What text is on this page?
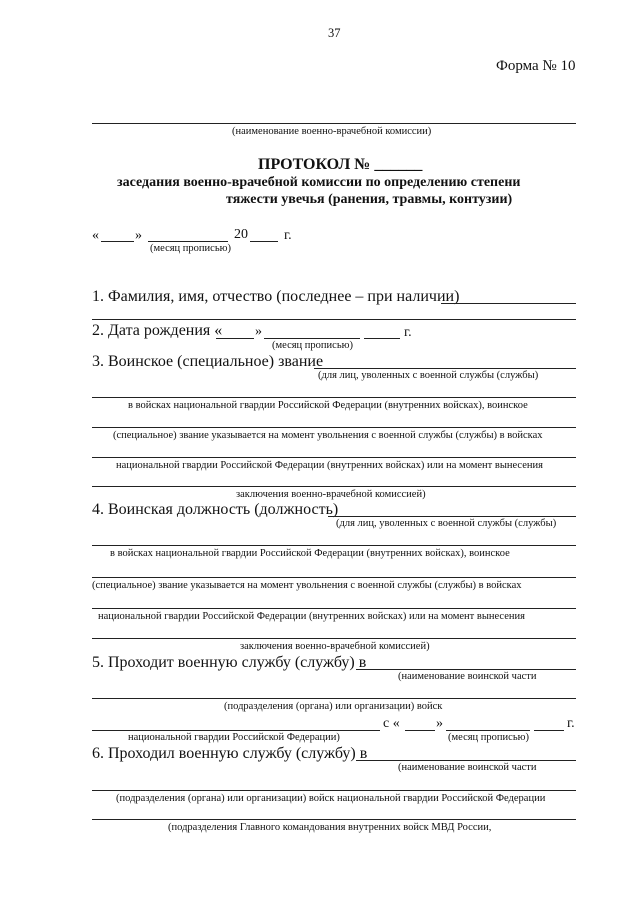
37
Форма № 10
(наименование военно-врачебной комиссии)
ПРОТОКОЛ № ______
заседания военно-врачебной комиссии по определению степени
тяжести увечья (ранения, травмы, контузии)
«	»	20	г.
(месяц прописью)
1. Фамилия, имя, отчество (последнее – при наличии)
2. Дата рождения « »	г.
(месяц прописью)
3. Воинское (специальное) звание
(для лиц, уволенных с военной службы (службы)
в войсках национальной гвардии Российской Федерации (внутренних войсках), воинское
(специальное) звание указывается на момент увольнения с военной службы (службы) в войсках
национальной гвардии Российской Федерации (внутренних войсках) или на момент вынесения
заключения военно-врачебной комиссией)
4. Воинская должность (должность)
(для лиц, уволенных с военной службы (службы)
в войсках национальной гвардии Российской Федерации (внутренних войсках), воинское
(специальное) звание указывается на момент увольнения с военной службы (службы) в войсках
национальной гвардии Российской Федерации (внутренних войсках) или на момент вынесения
заключения военно-врачебной комиссией)
5. Проходит военную службу (службу) в
(наименование воинской части
(подразделения (органа) или организации) войск
с «	»	г.
национальной гвардии Российской Федерации)	(месяц прописью)
6. Проходил военную службу (службу) в
(наименование воинской части
(подразделения (органа) или организации) войск национальной гвардии Российской Федерации
(подразделения Главного командования внутренних войск МВД России,
